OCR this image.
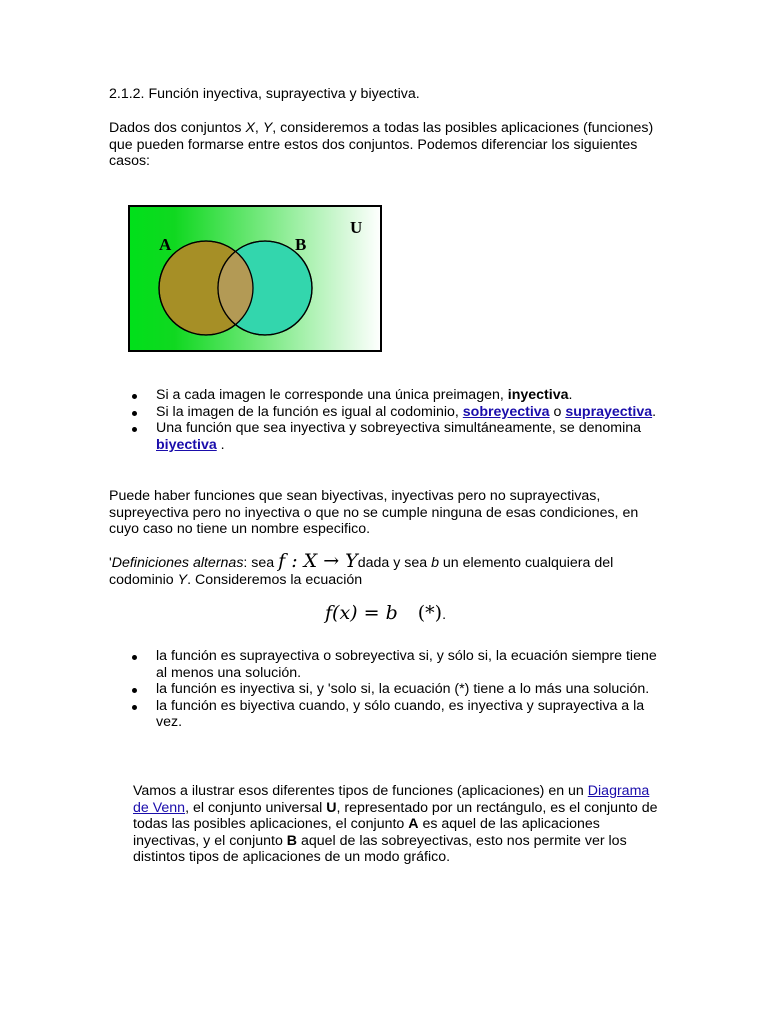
2.1.2. Función inyectiva, suprayectiva y biyectiva.

Dados dos conjuntos X, Y, consideremos a todas las posibles aplicaciones (funciones) que pueden formarse entre estos dos conjuntos. Podemos diferenciar los siguientes casos:

A	B
U
Si a cada imagen le corresponde una única preimagen, inyectiva.
Si la imagen de la función es igual al codominio, sobreyectiva o suprayectiva.
Una función que sea inyectiva y sobreyectiva simultáneamente, se denomina biyectiva .

Puede haber funciones que sean biyectivas, inyectivas pero no suprayectivas, supreyectiva pero no inyectiva o que no se cumple ninguna de esas condiciones, en cuyo caso no tiene un nombre especifico.

'Definiciones alternas: sea f : X → Ydada y sea b un elemento cualquiera del codominio Y. Consideremos la ecuación

f(x) = b (*).
la función es suprayectiva o sobreyectiva si, y sólo si, la ecuación siempre tiene al menos una solución.
la función es inyectiva si, y 'solo si, la ecuación (*) tiene a lo más una solución.
la función es biyectiva cuando, y sólo cuando, es inyectiva y suprayectiva a la vez.

Vamos a ilustrar esos diferentes tipos de funciones (aplicaciones) en un Diagrama de Venn, el conjunto universal U, representado por un rectángulo, es el conjunto de todas las posibles aplicaciones, el conjunto A es aquel de las aplicaciones inyectivas, y el conjunto B aquel de las sobreyectivas, esto nos permite ver los distintos tipos de aplicaciones de un modo gráfico.
